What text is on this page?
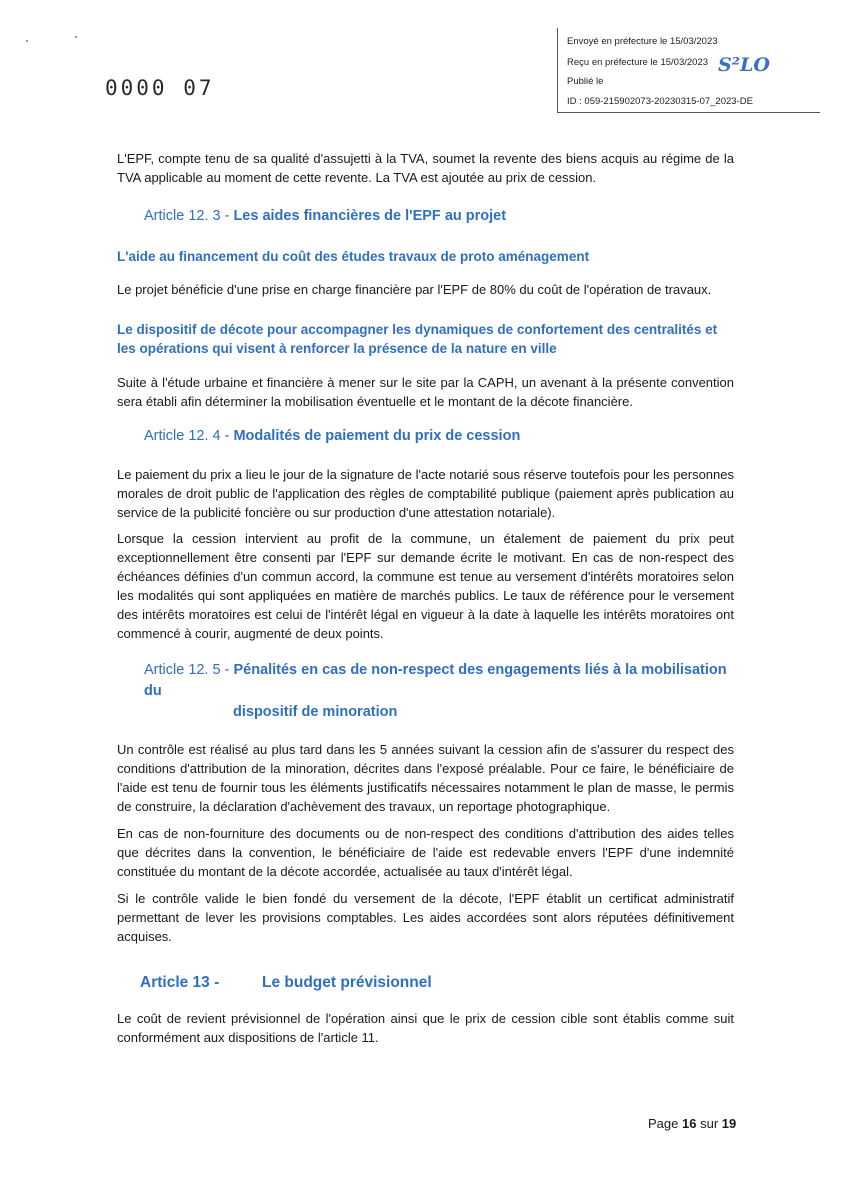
0000 07
Envoyé en préfecture le 15/03/2023
Reçu en préfecture le 15/03/2023
Publié le
ID : 059-215902073-20230315-07_2023-DE
S²LO

L'EPF, compte tenu de sa qualité d'assujetti à la TVA, soumet la revente des biens acquis au régime de la TVA applicable au moment de cette revente. La TVA est ajoutée au prix de cession.

Article 12. 3 - Les aides financières de l'EPF au projet
L'aide au financement du coût des études travaux de proto aménagement

Le projet bénéficie d'une prise en charge financière par l'EPF de 80% du coût de l'opération de travaux.

Le dispositif de décote pour accompagner les dynamiques de confortement des centralités et les opérations qui visent à renforcer la présence de la nature en ville

Suite à l'étude urbaine et financière à mener sur le site par la CAPH, un avenant à la présente convention sera établi afin déterminer la mobilisation éventuelle et le montant de la décote financière.

Article 12. 4 - Modalités de paiement du prix de cession

Le paiement du prix a lieu le jour de la signature de l'acte notarié sous réserve toutefois pour les personnes morales de droit public de l'application des règles de comptabilité publique (paiement après publication au service de la publicité foncière ou sur production d'une attestation notariale).

Lorsque la cession intervient au profit de la commune, un étalement de paiement du prix peut exceptionnellement être consenti par l'EPF sur demande écrite le motivant. En cas de non-respect des échéances définies d'un commun accord, la commune est tenue au versement d'intérêts moratoires selon les modalités qui sont appliquées en matière de marchés publics. Le taux de référence pour le versement des intérêts moratoires est celui de l'intérêt légal en vigueur à la date à laquelle les intérêts moratoires ont commencé à courir, augmenté de deux points.

Article 12. 5 - Pénalités en cas de non-respect des engagements liés à la mobilisation du
dispositif de minoration

Un contrôle est réalisé au plus tard dans les 5 années suivant la cession afin de s'assurer du respect des conditions d'attribution de la minoration, décrites dans l'exposé préalable. Pour ce faire, le bénéficiaire de l'aide est tenu de fournir tous les éléments justificatifs nécessaires notamment le plan de masse, le permis de construire, la déclaration d'achèvement des travaux, un reportage photographique.

En cas de non-fourniture des documents ou de non-respect des conditions d'attribution des aides telles que décrites dans la convention, le bénéficiaire de l'aide est redevable envers l'EPF d'une indemnité constituée du montant de la décote accordée, actualisée au taux d'intérêt légal.

Si le contrôle valide le bien fondé du versement de la décote, l'EPF établit un certificat administratif permettant de lever les provisions comptables. Les aides accordées sont alors réputées définitivement acquises.

Article 13 -	Le budget prévisionnel

Le coût de revient prévisionnel de l'opération ainsi que le prix de cession cible sont établis comme suit conformément aux dispositions de l'article 11.

Page 16 sur 19
